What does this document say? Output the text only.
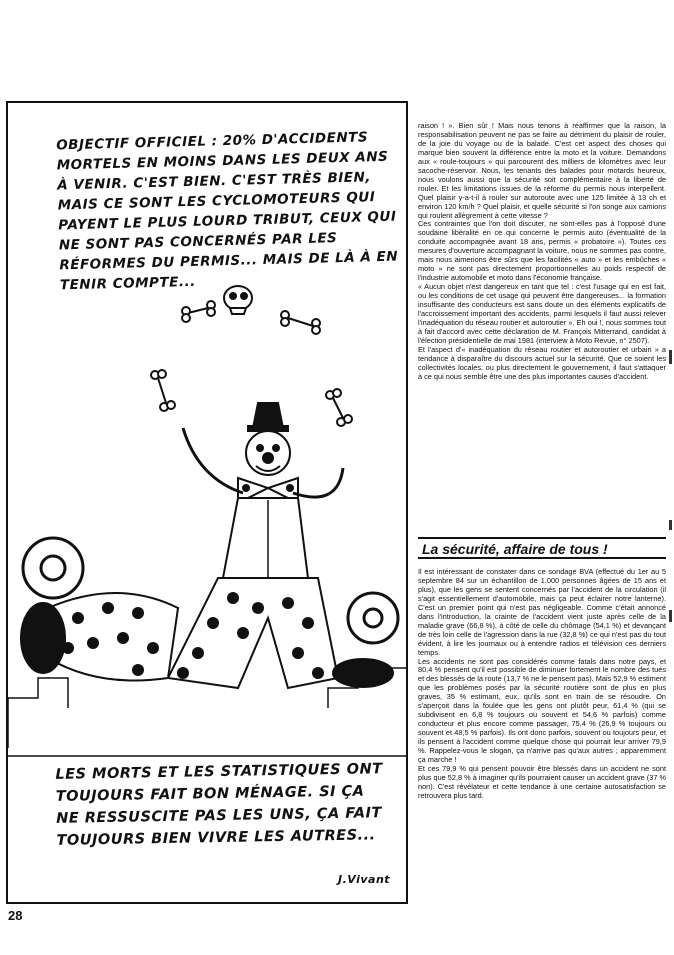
OBJECTIF OFFICIEL : 20% D'ACCIDENTS MORTELS EN MOINS DANS LES DEUX ANS À VENIR. C'EST BIEN. C'EST TRÈS BIEN, MAIS CE SONT LES CYCLOMOTEURS QUI PAYENT LE PLUS LOURD TRIBUT, CEUX QUI NE SONT PAS CONCERNÉS PAR LES RÉFORMES DU PERMIS... MAIS DE LÀ À EN TENIR COMPTE...
LES MORTS ET LES STATISTIQUES ONT TOUJOURS FAIT BON MÉNAGE. SI ÇA NE RESSUSCITE PAS LES UNS, ÇA FAIT TOUJOURS BIEN VIVRE LES AUTRES...
J.Vivant

raison ! ». Bien sûr ! Mais nous tenons à réaffirmer que la raison, la responsabilisation peuvent ne pas se faire au détriment du plaisir de rouler, de la joie du voyage ou de la balade. C'est cet aspect des choses qui marque bien souvent la différence entre la moto et la voiture. Demandons aux « roule-toujours » qui parcourent des milliers de kilomètres avec leur sacoche-réservoir. Nous, les tenants des balades pour motards heureux, nous voulons aussi que la sécurité soit complémentaire à la liberté de rouler. Et les limitations issues de la réforme du permis nous interpellent. Quel plaisir y-a-t-il à rouler sur autoroute avec une 125 limitée à 13 ch et environ 120 km/h ? Quel plaisir, et quelle sécurité si l'on songe aux camions qui roulent allègrement à cette vitesse ?

Ces contraintes que l'on doit discuter, ne sont-elles pas à l'opposé d'une soudaine libéralité en ce qui concerne le permis auto (éventualité de la conduite accompagnée avant 18 ans, permis « probatoire »). Toutes ces mesures d'ouverture accompagnant la voiture, nous ne sommes pas contre, mais nous aimerions être sûrs que les facilités « auto » et les embûches « moto » ne sont pas directement proportionnelles au poids respectif de l'industrie automobile et moto dans l'économie française.

« Aucun objet n'est dangereux en tant que tel : c'est l'usage qui en est fait, ou les conditions de cet usage qui peuvent être dangereuses... la formation insuffisante des conducteurs est sans doute un des éléments explicatifs de l'accroissement important des accidents, parmi lesquels il faut aussi relever l'inadéquation du réseau routier et autoroutier ». Eh oui !, nous sommes tout à fait d'accord avec cette déclaration de M. François Mitterrand, candidat à l'élection présidentielle de mai 1981 (interview à Moto Revue, n° 2507).

Et l'aspect d'« inadéquation du réseau routier et autoroutier et urbain » a tendance à disparaître du discours actuel sur la sécurité. Que ce soient les collectivités locales, ou plus directement le gouvernement, il faut s'attaquer à ce qui nous semble être une des plus importantes causes d'accident.

La sécurité, affaire de tous !

Il est intéressant de constater dans ce sondage BVA (effectué du 1er au 5 septembre 84 sur un échantillon de 1.000 personnes âgées de 15 ans et plus), que les gens se sentent concernés par l'accident de la circulation (il s'agit essentiellement d'automobile, mais ça peut éclairer notre lanterne). C'est un premier point qui n'est pas négligeable. Comme c'était annoncé dans l'introduction, la crainte de l'accident vient juste après celle de la maladie grave (66,8 %), à côté de celle du chômage (54,1 %) et devançant de très loin celle de l'agression dans la rue (32,8 %) ce qui n'est pas du tout évident, à lire les journaux ou à entendre radios et télévision ces derniers temps.

Les accidents ne sont pas considérés comme fatals dans notre pays, et 80,4 % pensent qu'il est possible de diminuer fortement le nombre des tués et des blessés de la route (13,7 % ne le pensent pas). Mais 52,9 % estiment que les problèmes posés par la sécurité routière sont de plus en plus graves, 35 % estimant, eux, qu'ils sont en train de se résoudre. On s'aperçoit dans la foulée que les gens ont plutôt peur, 61,4 % (qui se subdivisent en 6,8 % toujours ou souvent et 54,6 % parfois) comme conducteur et plus encore comme passager, 75,4 % (26,9 % toujours ou souvent et 48,5 % parfois). Ils ont donc parfois, souvent ou toujours peur, et ils pensent à l'accident comme quelque chose qui pourrait leur arriver 79,9 %. Rappelez-vous le slogan, ça n'arrive pas qu'aux autres ; apparemment ça marche !

Et ces 79,9 % qui pensent pouvoir être blessés dans un accident ne sont plus que 52,8 % à imaginer qu'ils pourraient causer un accident grave (37 % non). C'est révélateur et cette tendance à une certaine autosatisfaction se retrouvera plus tard.

28
